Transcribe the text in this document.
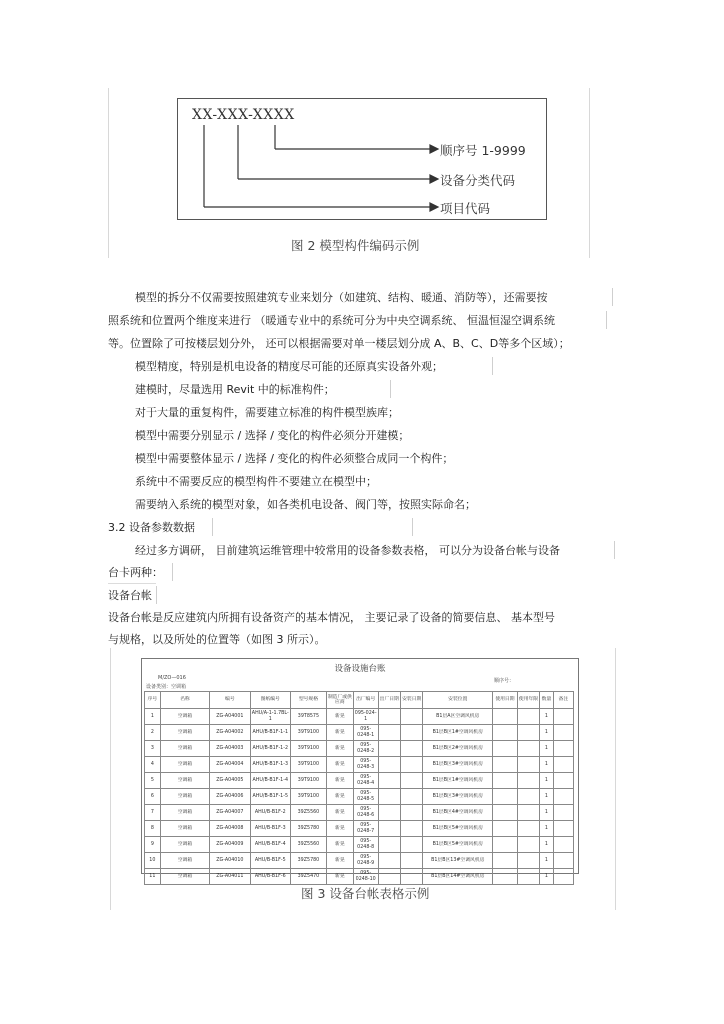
XX-XXX-XXXX
顺序号 1-9999
设备分类代码
项目代码
图 2 模型构件编码示例
模型的拆分不仅需要按照建筑专业来划分（如建筑、结构、暖通、消防等），还需要按
照系统和位置两个维度来进行 （暖通专业中的系统可分为中央空调系统、 恒温恒湿空调系统
等。位置除了可按楼层划分外， 还可以根据需要对单一楼层划分成 A、B、C、D等多个区域）；
模型精度，特别是机电设备的精度尽可能的还原真实设备外观；
建模时，尽量选用 Revit 中的标准构件；
对于大量的重复构件，需要建立标准的构件模型族库；
模型中需要分别显示 / 选择 / 变化的构件必须分开建模；
模型中需要整体显示 / 选择 / 变化的构件必须整合成同一个构件；
系统中不需要反应的模型构件不要建立在模型中；
需要纳入系统的模型对象，如各类机电设备、阀门等，按照实际命名；
3.2 设备参数数据
经过多方调研， 目前建筑运维管理中较常用的设备参数表格， 可以分为设备台帐与设备
台卡两种：
设备台帐
设备台帐是反应建筑内所拥有设备资产的基本情况， 主要记录了设备的简要信息、 基本型号
与规格，以及所处的位置等（如图 3 所示）。
设备设施台账
M/ZO—016
设备类别：空调箱
顺序号：
序号	名称	编号	图纸编号	型号规格	制造厂或供应商	出厂编号	出厂日期	安装日期	安装位置	使用日期	使用年限	数量	备注
1	空调箱	ZG-A04001	AHU/A-1-1.7BL-1	39T8575	新晃	095-024-1			B1层A区空调风机房			1	
2	空调箱	ZG-A04002	AHU/B-B1F-1-1	39T9100	新晃	095-0248-1			B1层B区1#空调风机房			1	
3	空调箱	ZG-A04003	AHU/B-B1F-1-2	39T9100	新晃	095-0248-2			B1层B区2#空调风机房			1	
4	空调箱	ZG-A04004	AHU/B-B1F-1-3	39T9100	新晃	095-0248-3			B1层B区3#空调风机房			1	
5	空调箱	ZG-A04005	AHU/B-B1F-1-4	39T9100	新晃	095-0248-4			B1层B区1#空调风机房			1	
6	空调箱	ZG-A04006	AHU/B-B1F-1-5	39T9100	新晃	095-0248-5			B1层B区3#空调风机房			1	
7	空调箱	ZG-A04007	AHU/B-B1F-2	39Z5560	新晃	095-0248-6			B1层B区4#空调风机房			1	
8	空调箱	ZG-A04008	AHU/B-B1F-3	39Z5780	新晃	095-0248-7			B1层B区5#空调风机房			1	
9	空调箱	ZG-A04009	AHU/B-B1F-4	39Z5560	新晃	095-0248-8			B1层B区5#空调风机房			1	
10	空调箱	ZG-A04010	AHU/B-B1F-5	39Z5780	新晃	095-0248-9			B1层B区13#空调风机房			1	
11	空调箱	ZG-A04011	AHU/B-B1F-6	39Z5470	新晃	095-0248-10			B1层B区14#空调风机房			1	
图 3 设备台帐表格示例
